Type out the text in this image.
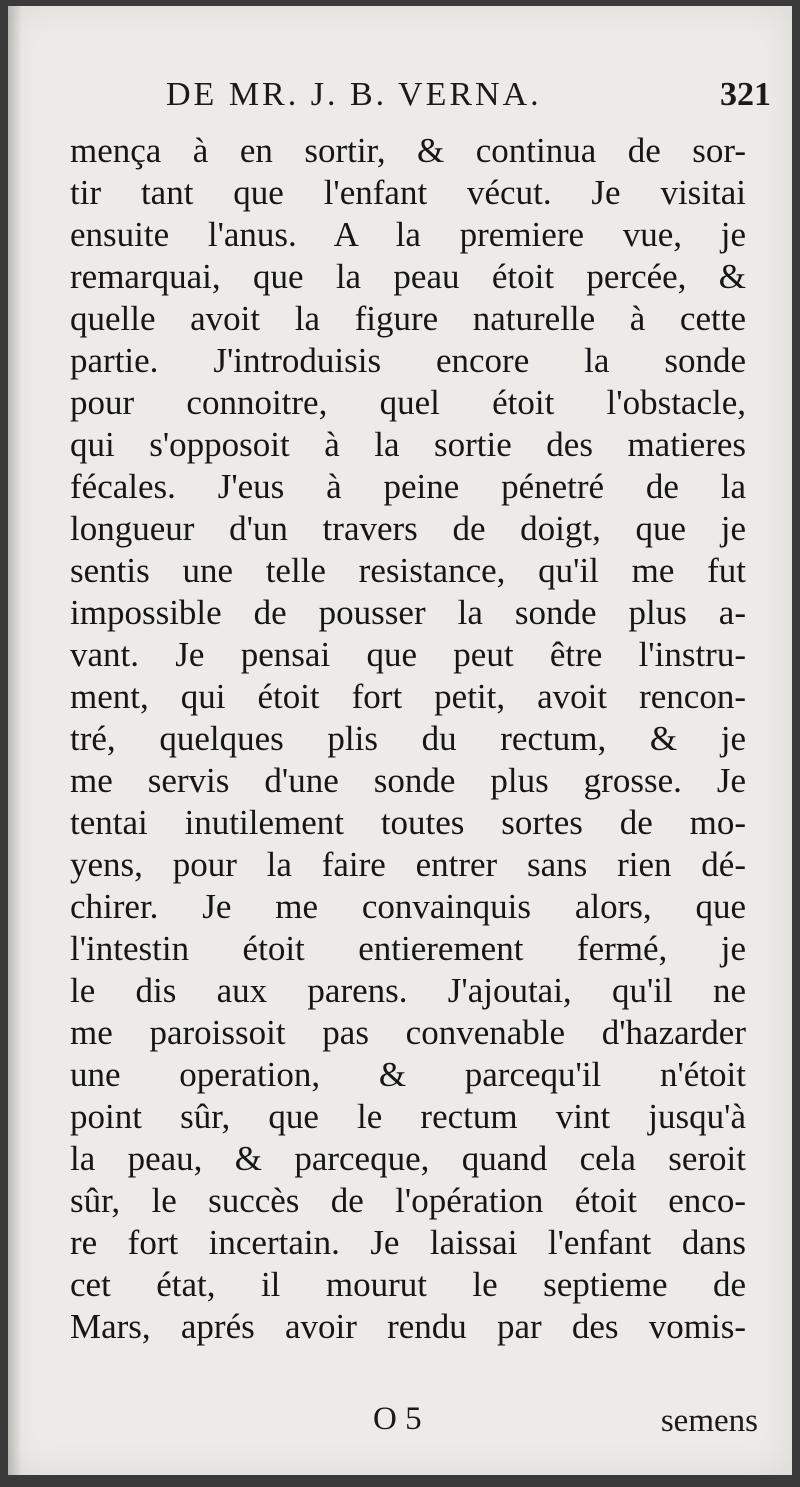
DE MR. J. B. VERNA.	321
mença à en sortir, & continua de sor-
tir tant que l'enfant vécut. Je visitai
ensuite l'anus. A la premiere vue, je
remarquai, que la peau étoit percée, &
quelle avoit la figure naturelle à cette
partie. J'introduisis encore la sonde
pour connoitre, quel étoit l'obstacle,
qui s'opposoit à la sortie des matieres
fécales. J'eus à peine pénetré de la
longueur d'un travers de doigt, que je
sentis une telle resistance, qu'il me fut
impossible de pousser la sonde plus a-
vant. Je pensai que peut être l'instru-
ment, qui étoit fort petit, avoit rencon-
tré, quelques plis du rectum, & je
me servis d'une sonde plus grosse. Je
tentai inutilement toutes sortes de mo-
yens, pour la faire entrer sans rien dé-
chirer. Je me convainquis alors, que
l'intestin étoit entierement fermé, je
le dis aux parens. J'ajoutai, qu'il ne
me paroissoit pas convenable d'hazarder
une operation, & parcequ'il n'étoit
point sûr, que le rectum vint jusqu'à
la peau, & parceque, quand cela seroit
sûr, le succès de l'opération étoit enco-
re fort incertain. Je laissai l'enfant dans
cet état, il mourut le septieme de
Mars, aprés avoir rendu par des vomis-
O 5	semens
